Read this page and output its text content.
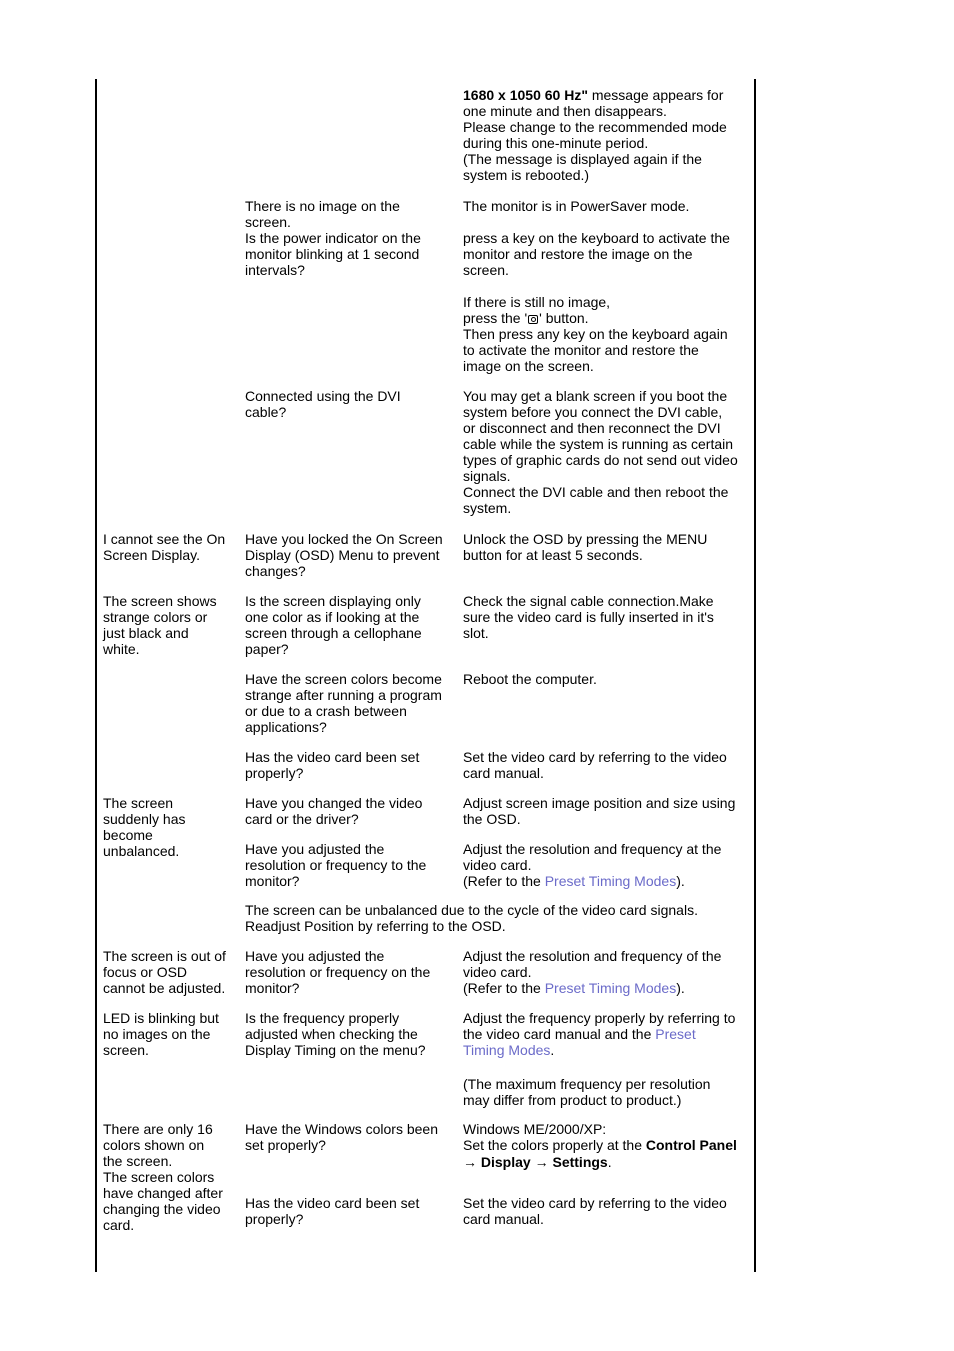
1680 x 1050 60 Hz" message appears for
one minute and then disappears.
Please change to the recommended mode
during this one-minute period.
(The message is displayed again if the
system is rebooted.)
There is no image on the
screen.
Is the power indicator on the
monitor blinking at 1 second
intervals?
The monitor is in PowerSaver mode.
press a key on the keyboard to activate the
monitor and restore the image on the
screen.
If there is still no image,
press the ' ' button.
Then press any key on the keyboard again
to activate the monitor and restore the
image on the screen.
Connected using the DVI
cable?
You may get a blank screen if you boot the
system before you connect the DVI cable,
or disconnect and then reconnect the DVI
cable while the system is running as certain
types of graphic cards do not send out video
signals.
Connect the DVI cable and then reboot the
system.
I cannot see the On
Screen Display.
Have you locked the On Screen
Display (OSD) Menu to prevent
changes?
Unlock the OSD by pressing the MENU
button for at least 5 seconds.
The screen shows
strange colors or
just black and
white.
Is the screen displaying only
one color as if looking at the
screen through a cellophane
paper?
Check the signal cable connection.Make
sure the video card is fully inserted in it's
slot.
Have the screen colors become
strange after running a program
or due to a crash between
applications?
Reboot the computer.
Has the video card been set
properly?
Set the video card by referring to the video
card manual.
The screen
suddenly has
become
unbalanced.
Have you changed the video
card or the driver?
Adjust screen image position and size using
the OSD.
Have you adjusted the
resolution or frequency to the
monitor?
Adjust the resolution and frequency at the
video card.
(Refer to the Preset Timing Modes).
The screen can be unbalanced due to the cycle of the video card signals.
Readjust Position by referring to the OSD.
The screen is out of
focus or OSD
cannot be adjusted.
Have you adjusted the
resolution or frequency on the
monitor?
Adjust the resolution and frequency of the
video card.
(Refer to the Preset Timing Modes).
LED is blinking but
no images on the
screen.
Is the frequency properly
adjusted when checking the
Display Timing on the menu?
Adjust the frequency properly by referring to
the video card manual and the Preset
Timing Modes.
(The maximum frequency per resolution
may differ from product to product.)
There are only 16
colors shown on
the screen.
The screen colors
have changed after
changing the video
card.
Have the Windows colors been
set properly?
Windows ME/2000/XP:
Set the colors properly at the Control Panel
→ Display → Settings.
Has the video card been set
properly?
Set the video card by referring to the video
card manual.
